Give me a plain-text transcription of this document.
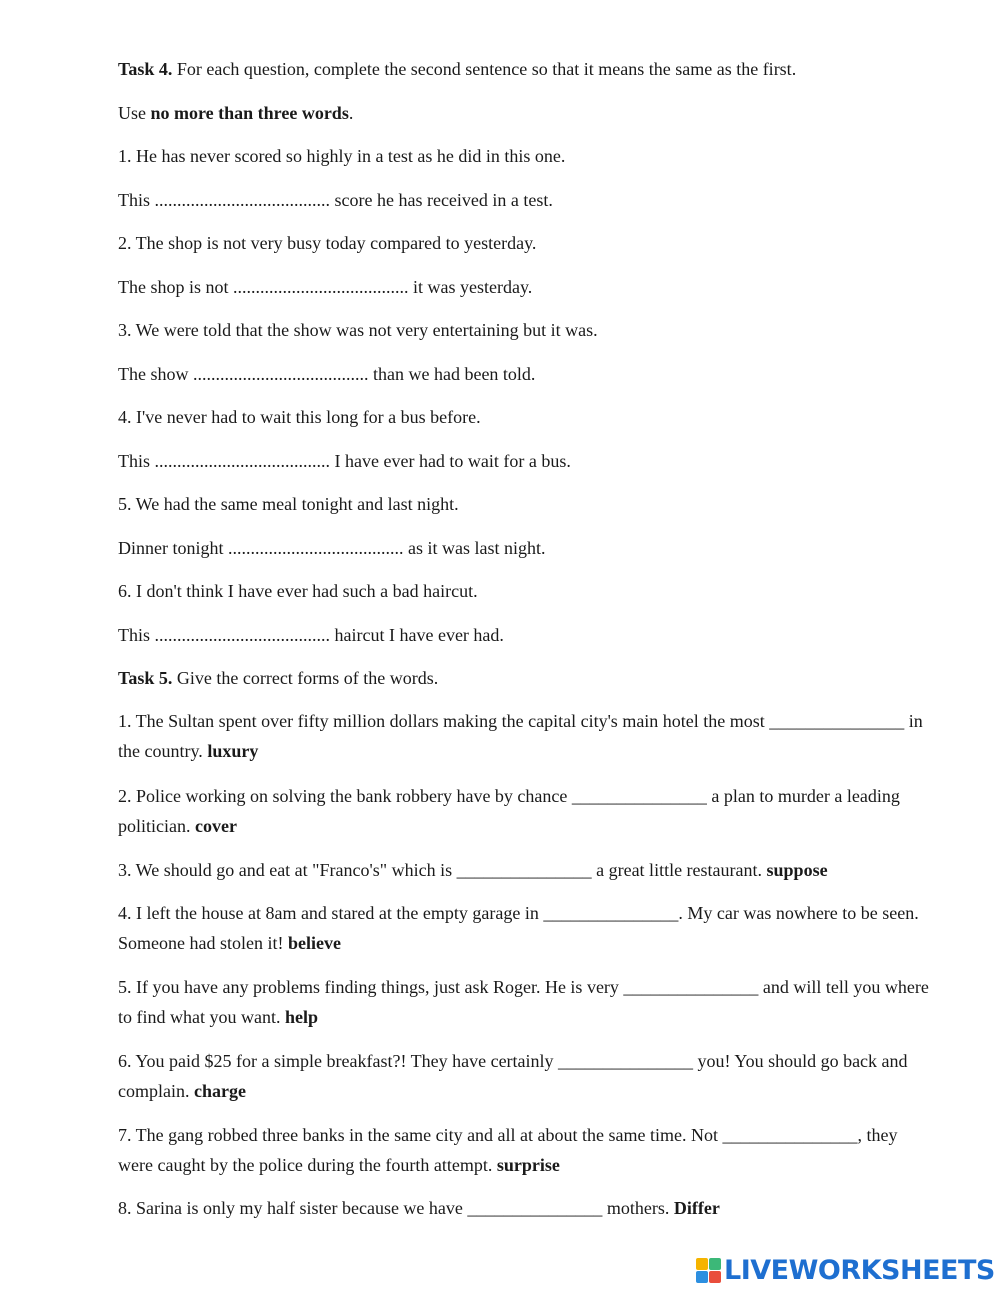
Task 4. For each question, complete the second sentence so that it means the same as the first.
Use no more than three words.
1. He has never scored so highly in a test as he did in this one.
This ....................................... score he has received in a test.
2. The shop is not very busy today compared to yesterday.
The shop is not ....................................... it was yesterday.
3. We were told that the show was not very entertaining but it was.
The show ....................................... than we had been told.
4. I've never had to wait this long for a bus before.
This ....................................... I have ever had to wait for a bus.
5. We had the same meal tonight and last night.
Dinner tonight ....................................... as it was last night.
6. I don't think I have ever had such a bad haircut.
This ....................................... haircut I have ever had.
Task 5. Give the correct forms of the words.
1. The Sultan spent over fifty million dollars making the capital city's main hotel the most _______________ in the country. luxury
2. Police working on solving the bank robbery have by chance _______________ a plan to murder a leading politician. cover
3. We should go and eat at "Franco's" which is _______________ a great little restaurant. suppose
4. I left the house at 8am and stared at the empty garage in _______________. My car was nowhere to be seen. Someone had stolen it! believe
5. If you have any problems finding things, just ask Roger. He is very _______________ and will tell you where to find what you want. help
6. You paid $25 for a simple breakfast?! They have certainly _______________ you! You should go back and complain. charge
7. The gang robbed three banks in the same city and all at about the same time. Not _______________, they were caught by the police during the fourth attempt. surprise
8. Sarina is only my half sister because we have _______________ mothers. Differ
LIVEWORKSHEETS
